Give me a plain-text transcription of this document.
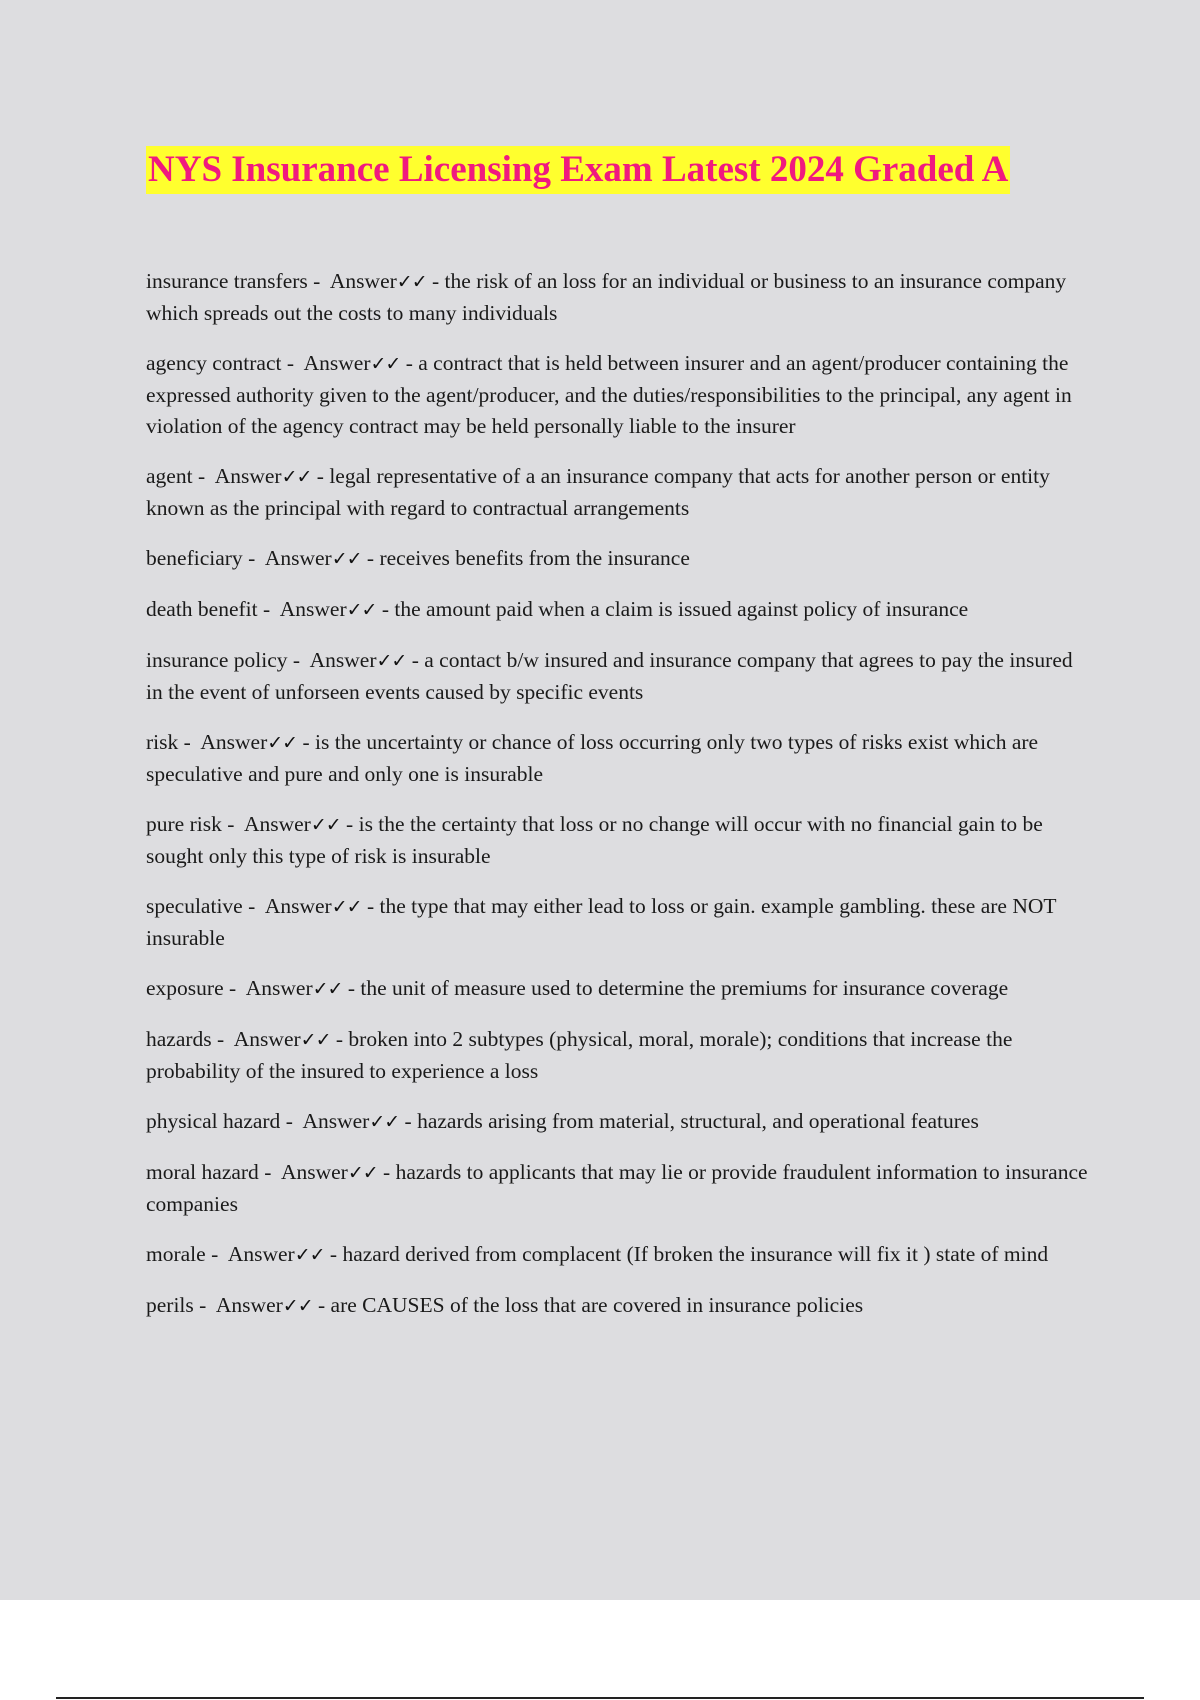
NYS Insurance Licensing Exam Latest 2024 Graded A

insurance transfers -  Answer✓✓ - the risk of an loss for an individual or business to an insurance company which spreads out the costs to many individuals

agency contract -  Answer✓✓ - a contract that is held between insurer and an agent/producer containing the expressed authority given to the agent/producer, and the duties/responsibilities to the principal, any agent in violation of the agency contract may be held personally liable to the insurer

agent -  Answer✓✓ - legal representative of a an insurance company that acts for another person or entity known as the principal with regard to contractual arrangements

beneficiary -  Answer✓✓ - receives benefits from the insurance

death benefit -  Answer✓✓ - the amount paid when a claim is issued against policy of insurance

insurance policy -  Answer✓✓ - a contact b/w insured and insurance company that agrees to pay the insured in the event of unforseen events caused by specific events

risk -  Answer✓✓ - is the uncertainty or chance of loss occurring only two types of risks exist which are speculative and pure and only one is insurable

pure risk -  Answer✓✓ - is the the certainty that loss or no change will occur with no financial gain to be sought only this type of risk is insurable

speculative -  Answer✓✓ - the type that may either lead to loss or gain. example gambling. these are NOT insurable

exposure -  Answer✓✓ - the unit of measure used to determine the premiums for insurance coverage

hazards -  Answer✓✓ - broken into 2 subtypes (physical, moral, morale); conditions that increase the probability of the insured to experience a loss

physical hazard -  Answer✓✓ - hazards arising from material, structural, and operational features

moral hazard -  Answer✓✓ - hazards to applicants that may lie or provide fraudulent information to insurance companies

morale -  Answer✓✓ - hazard derived from complacent (If broken the insurance will fix it ) state of mind

perils -  Answer✓✓ - are CAUSES of the loss that are covered in insurance policies
